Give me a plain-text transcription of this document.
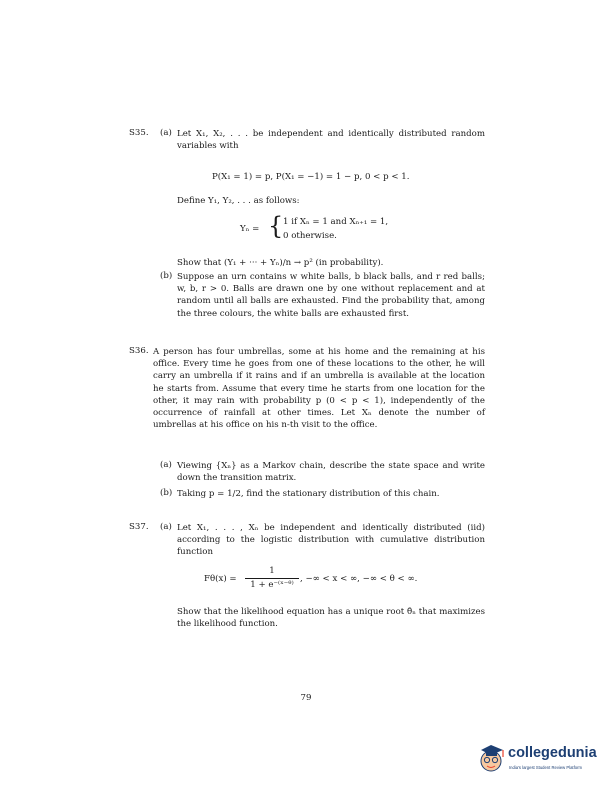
S35. (a) Let X₁, X₂, . . . be independent and identically distributed random variables with
P(X₁ = 1) = p, P(X₁ = −1) = 1 − p, 0 < p < 1.
Define Y₁, Y₂, . . . as follows:
Yₙ = { 1 if Xₙ = 1 and Xₙ₊₁ = 1,
0 otherwise.
Show that (Y₁ + ··· + Yₙ)/n → p² (in probability).
(b) Suppose an urn contains w white balls, b black balls, and r red balls; w, b, r > 0. Balls are drawn one by one without replacement and at random until all balls are exhausted. Find the probability that, among the three colours, the white balls are exhausted first.
S36. A person has four umbrellas, some at his home and the remaining at his office. Every time he goes from one of these locations to the other, he will carry an umbrella if it rains and if an umbrella is available at the location he starts from. Assume that every time he starts from one location for the other, it may rain with probability p (0 < p < 1), independently of the occurrence of rainfall at other times. Let Xₙ denote the number of umbrellas at his office on his n-th visit to the office.
(a) Viewing {Xₙ} as a Markov chain, describe the state space and write down the transition matrix.
(b) Taking p = 1/2, find the stationary distribution of this chain.
S37. (a) Let X₁, . . . , Xₙ be independent and identically distributed (iid) according to the logistic distribution with cumulative distribution function
Fθ(x) =
1
1 + e⁻⁽ˣ⁻ᶿ⁾
, −∞ < x < ∞, −∞ < θ < ∞.
Show that the likelihood equation has a unique root θ̂ₙ that maximizes the likelihood function.
79
collegedunia
India's largest Student Review Platform
